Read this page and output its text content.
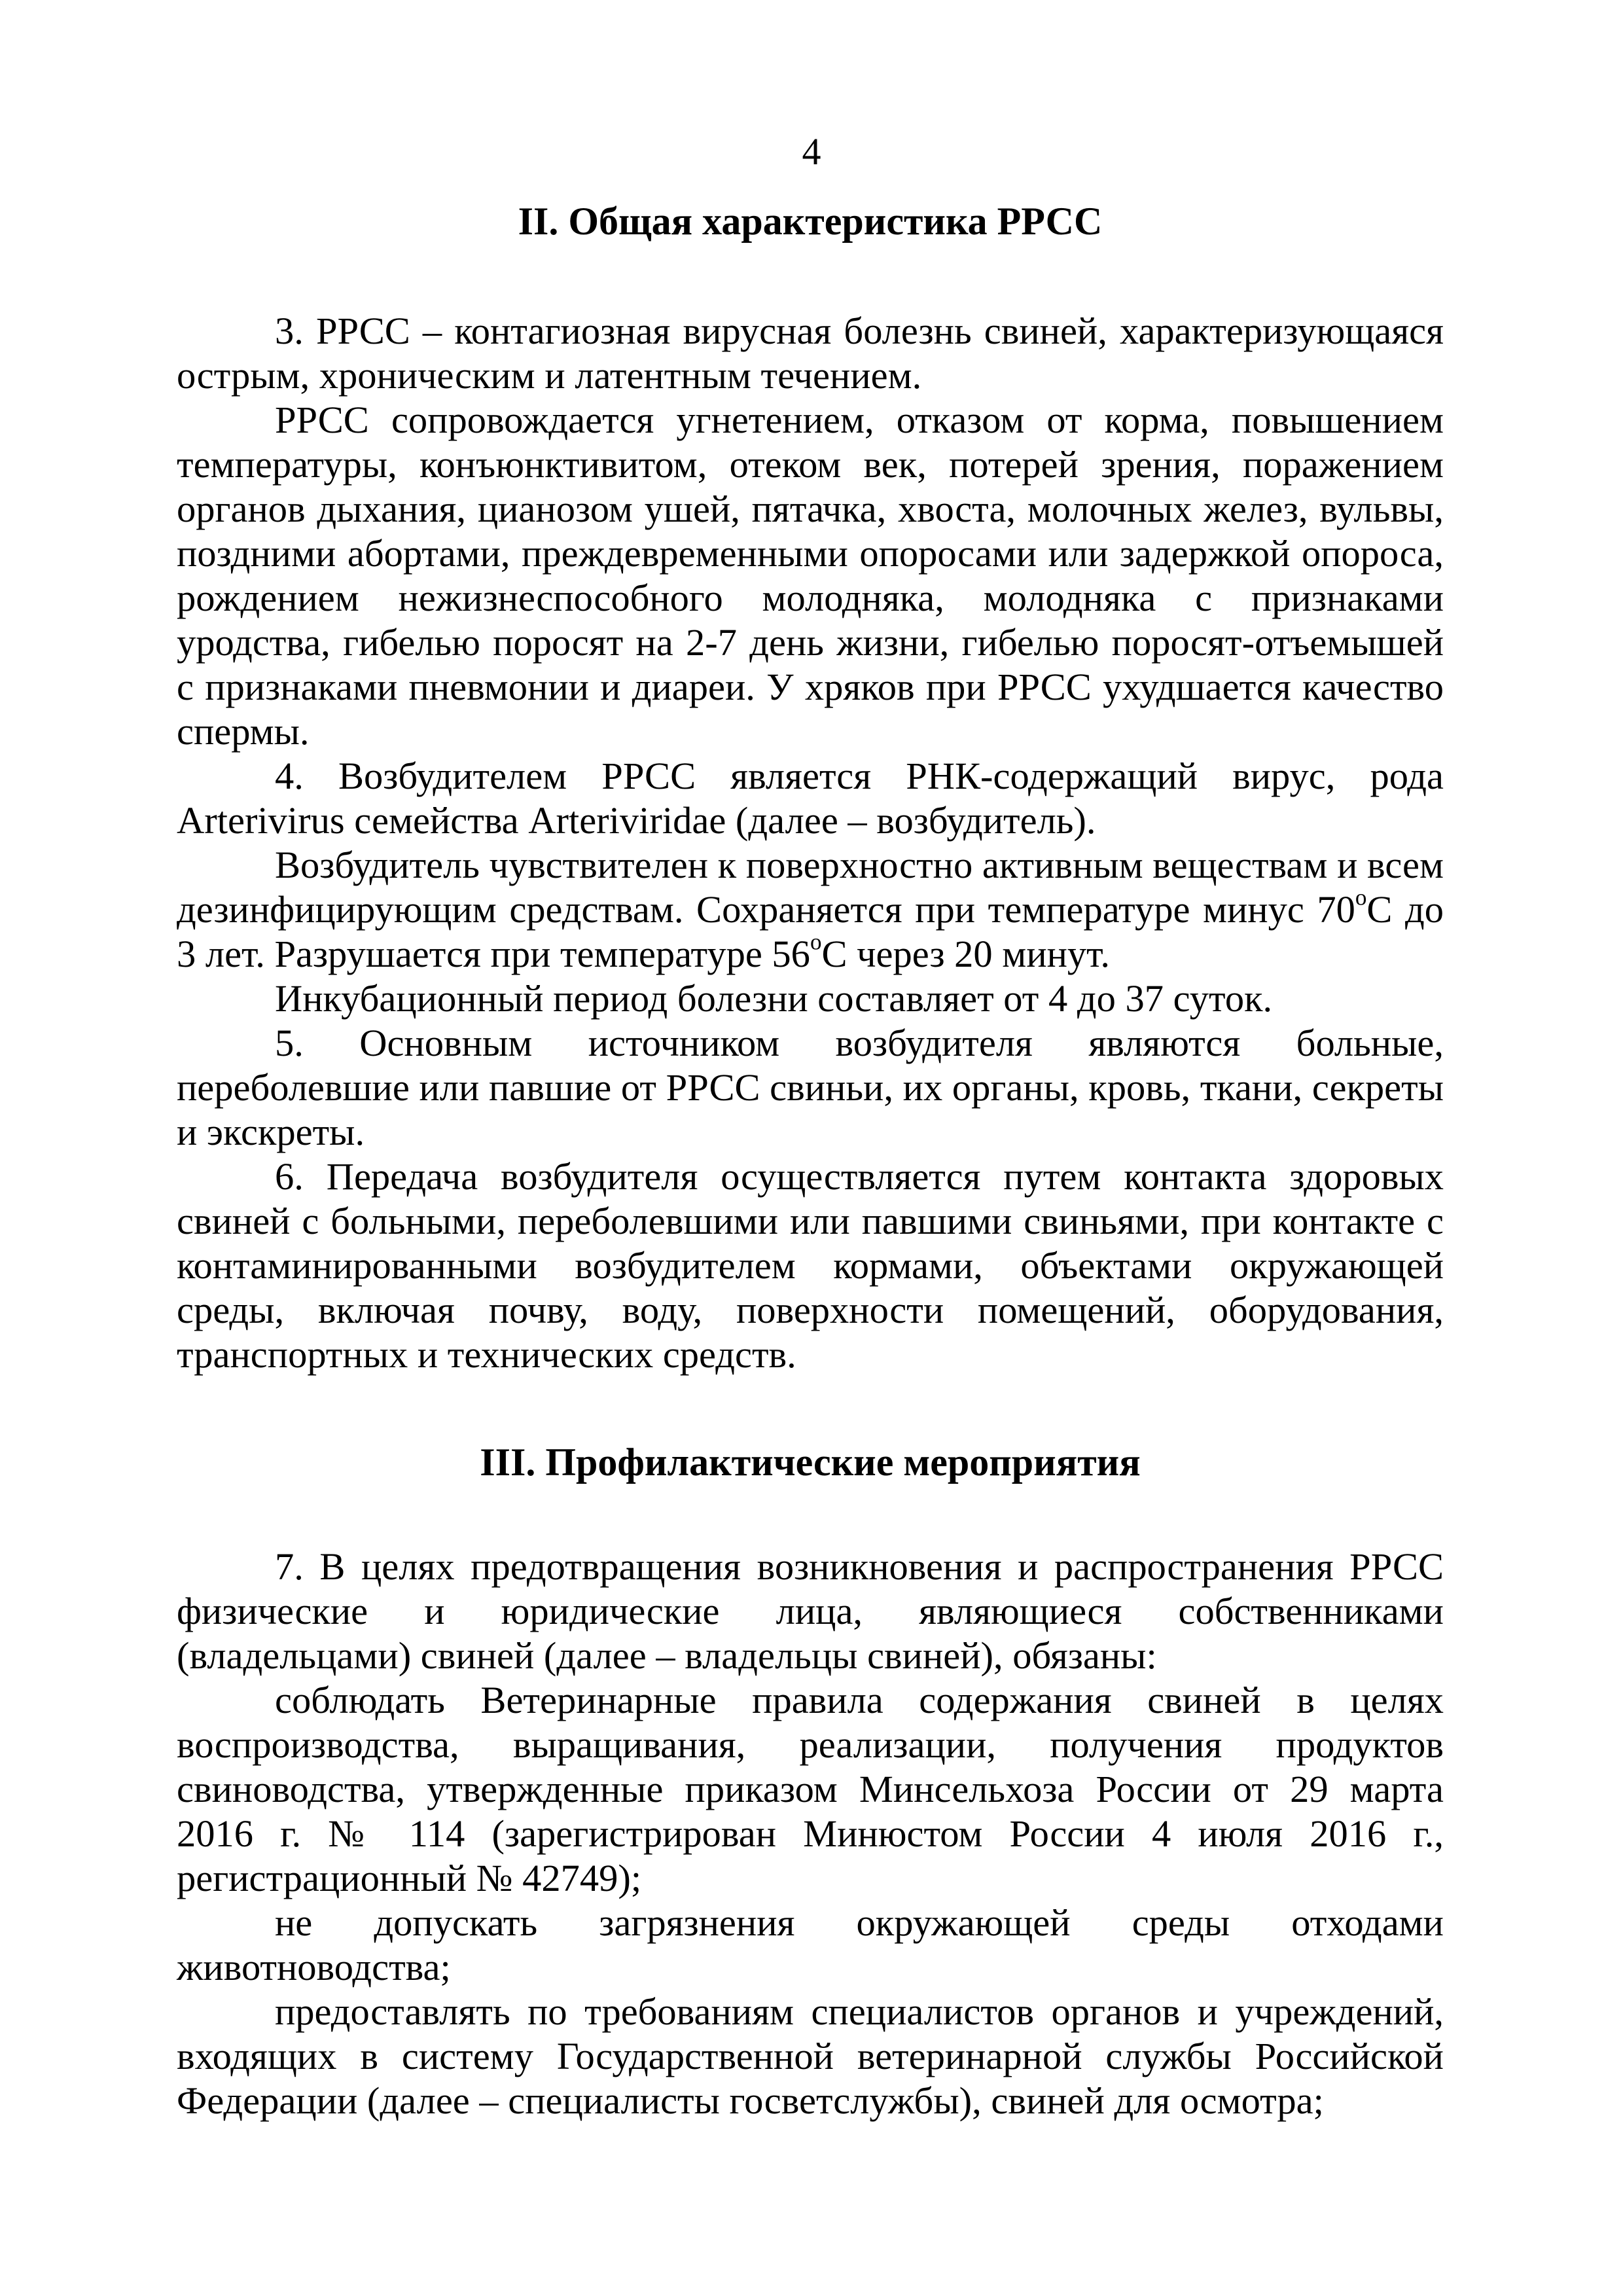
4
II. Общая характеристика РРСС

3. РРСС – контагиозная вирусная болезнь свиней, характеризующаяся острым, хроническим и латентным течением.

РРСС сопровождается угнетением, отказом от корма, повышением температуры, конъюнктивитом, отеком век, потерей зрения, поражением органов дыхания, цианозом ушей, пятачка, хвоста, молочных желез, вульвы, поздними абортами, преждевременными опоросами или задержкой опороса, рождением нежизнеспособного молодняка, молодняка с признаками уродства, гибелью поросят на 2-7 день жизни, гибелью поросят-отъемышей с признаками пневмонии и диареи. У хряков при РРСС ухудшается качество спермы.

4. Возбудителем РРСС является РНК-содержащий вирус, рода Arterivirus семейства Arteriviridae (далее – возбудитель).

Возбудитель чувствителен к поверхностно активным веществам и всем дезинфицирующим средствам. Сохраняется при температуре минус $70^оС$ до 3 лет. Разрушается при температуре $56^оС$ через 20 минут.

Инкубационный период болезни составляет от 4 до 37 суток.

5. Основным источником возбудителя являются больные, переболевшие или павшие от РРСС свиньи, их органы, кровь, ткани, секреты и экскреты.

6. Передача возбудителя осуществляется путем контакта здоровых свиней с больными, переболевшими или павшими свиньями, при контакте с контаминированными возбудителем кормами, объектами окружающей среды, включая почву, воду, поверхности помещений, оборудования, транспортных и технических средств.

III. Профилактические мероприятия

7. В целях предотвращения возникновения и распространения РРСС физические и юридические лица, являющиеся собственниками (владельцами) свиней (далее – владельцы свиней), обязаны:

соблюдать Ветеринарные правила содержания свиней в целях воспроизводства, выращивания, реализации, получения продуктов свиноводства, утвержденные приказом Минсельхоза России от 29 марта 2016 г. № 114 (зарегистрирован Минюстом России 4 июля 2016 г., регистрационный № 42749);

не допускать загрязнения окружающей среды отходами животноводства;

предоставлять по требованиям специалистов органов и учреждений, входящих в систему Государственной ветеринарной службы Российской Федерации (далее – специалисты госветслужбы), свиней для осмотра;
